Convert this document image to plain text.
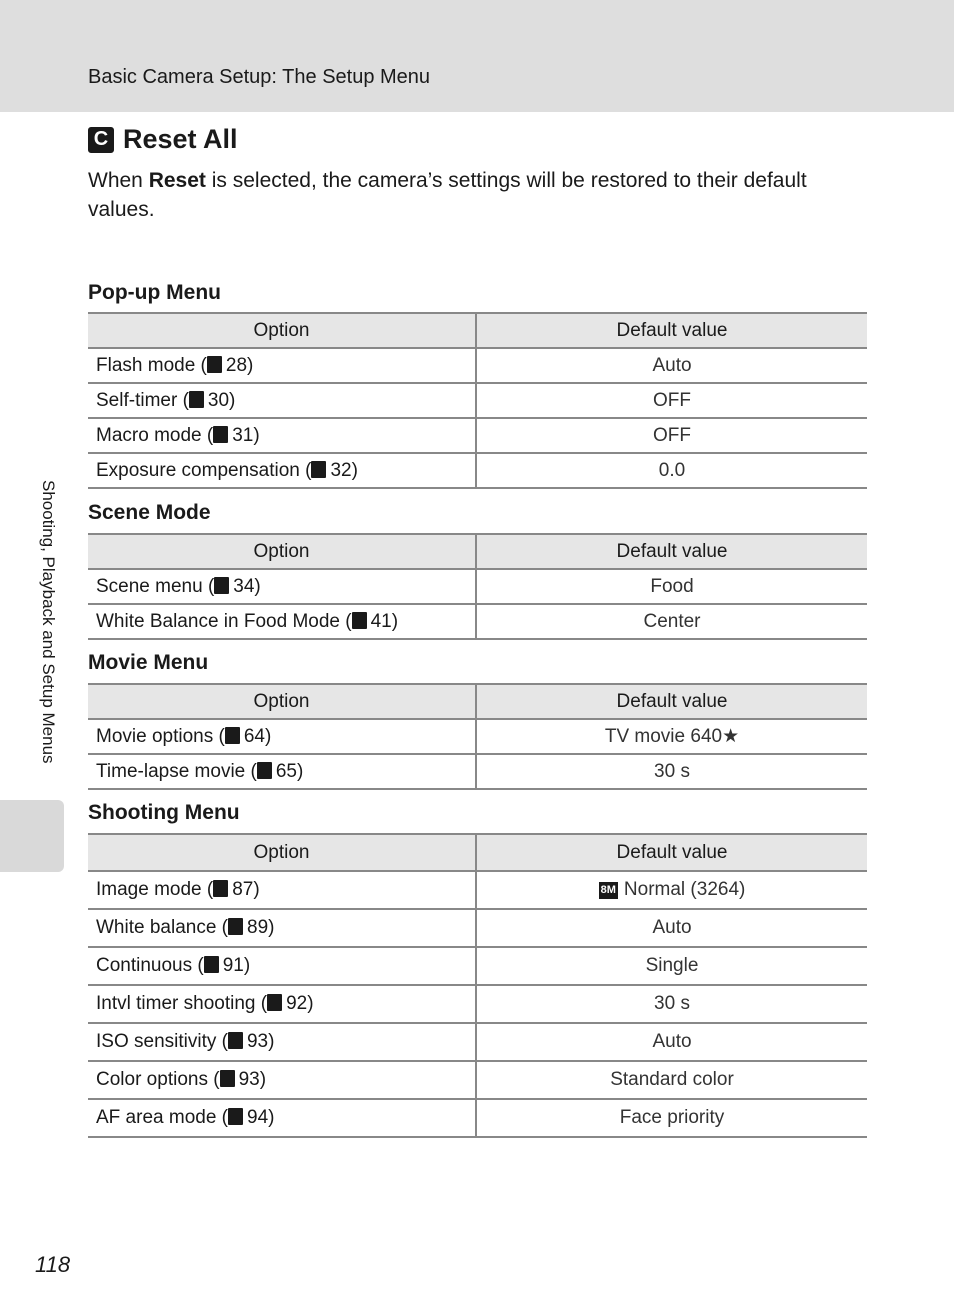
Basic Camera Setup: The Setup Menu
Shooting, Playback and Setup Menus
C Reset All
When Reset is selected, the camera’s settings will be restored to their default values.
Pop-up Menu
Option	Default value
Flash mode ( 28)	Auto
Self-timer ( 30)	OFF
Macro mode ( 31)	OFF
Exposure compensation ( 32)	0.0
Scene Mode
Option	Default value
Scene menu ( 34)	Food
White Balance in Food Mode ( 41)	Center
Movie Menu
Option	Default value
Movie options ( 64)	TV movie 640★
Time-lapse movie ( 65)	30 s
Shooting Menu
Option	Default value
Image mode ( 87)	8M Normal (3264)
White balance ( 89)	Auto
Continuous ( 91)	Single
Intvl timer shooting ( 92)	30 s
ISO sensitivity ( 93)	Auto
Color options ( 93)	Standard color
AF area mode ( 94)	Face priority
118
